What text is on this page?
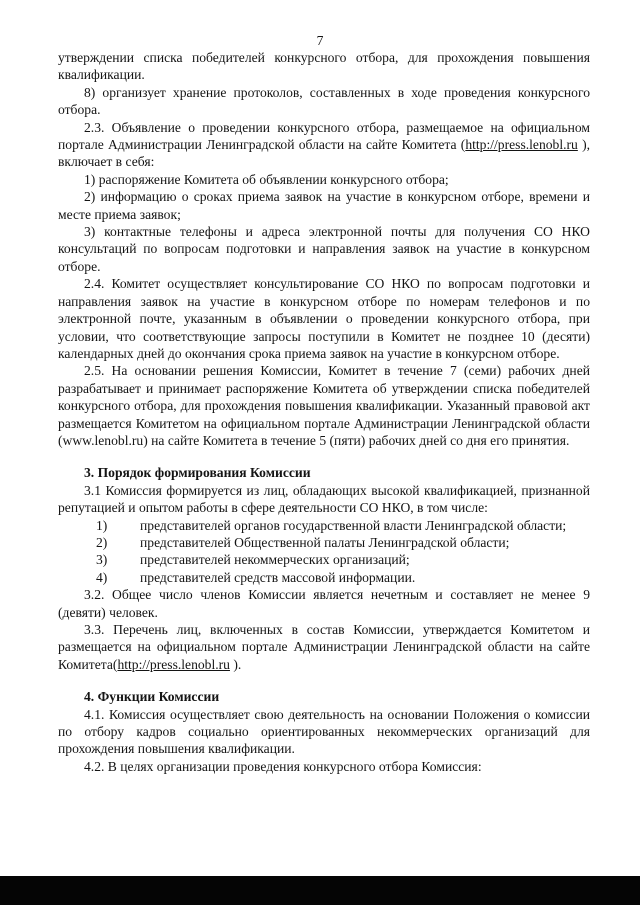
7

утверждении списка победителей конкурсного отбора, для прохождения повышения квалификации.

8) организует хранение протоколов, составленных в ходе проведения конкурсного отбора.

2.3. Объявление о проведении конкурсного отбора, размещаемое на официальном портале Администрации Ленинградской области на сайте Комитета (http://press.lenobl.ru ), включает в себя:

1) распоряжение Комитета об объявлении конкурсного отбора;

2) информацию о сроках приема заявок на участие в конкурсном отборе, времени и месте приема заявок;

3) контактные телефоны и адреса электронной почты для получения СО НКО консультаций по вопросам подготовки и направления заявок на участие в конкурсном отборе.

2.4. Комитет осуществляет консультирование СО НКО по вопросам подготовки и направления заявок на участие в конкурсном отборе по номерам телефонов и по электронной почте, указанным в объявлении о проведении конкурсного отбора, при условии, что соответствующие запросы поступили в Комитет не позднее 10 (десяти) календарных дней до окончания срока приема заявок на участие в конкурсном отборе.

2.5. На основании решения Комиссии, Комитет в течение 7 (семи) рабочих дней разрабатывает и принимает распоряжение Комитета об утверждении списка победителей конкурсного отбора, для прохождения повышения квалификации. Указанный правовой акт размещается Комитетом на официальном портале Администрации Ленинградской области (www.lenobl.ru) на сайте Комитета в течение 5 (пяти) рабочих дней со дня его принятия.

3. Порядок формирования Комиссии

3.1 Комиссия формируется из лиц, обладающих высокой квалификацией, признанной репутацией и опытом работы в сфере деятельности СО НКО, в том числе:

1)
	представителей органов государственной власти Ленинградской области;

2)	представителей Общественной палаты Ленинградской области;
3)	представителей некоммерческих организаций;
4)	представителей средств массовой информации.

3.2. Общее число членов Комиссии является нечетным и составляет не менее 9 (девяти) человек.

3.3. Перечень лиц, включенных в состав Комиссии, утверждается Комитетом и размещается на официальном портале Администрации Ленинградской области на сайте Комитета(http://press.lenobl.ru ).

4. Функции Комиссии

4.1. Комиссия осуществляет свою деятельность на основании Положения о комиссии по отбору кадров социально ориентированных некоммерческих организаций для прохождения повышения квалификации.

4.2. В целях организации проведения конкурсного отбора Комиссия:
